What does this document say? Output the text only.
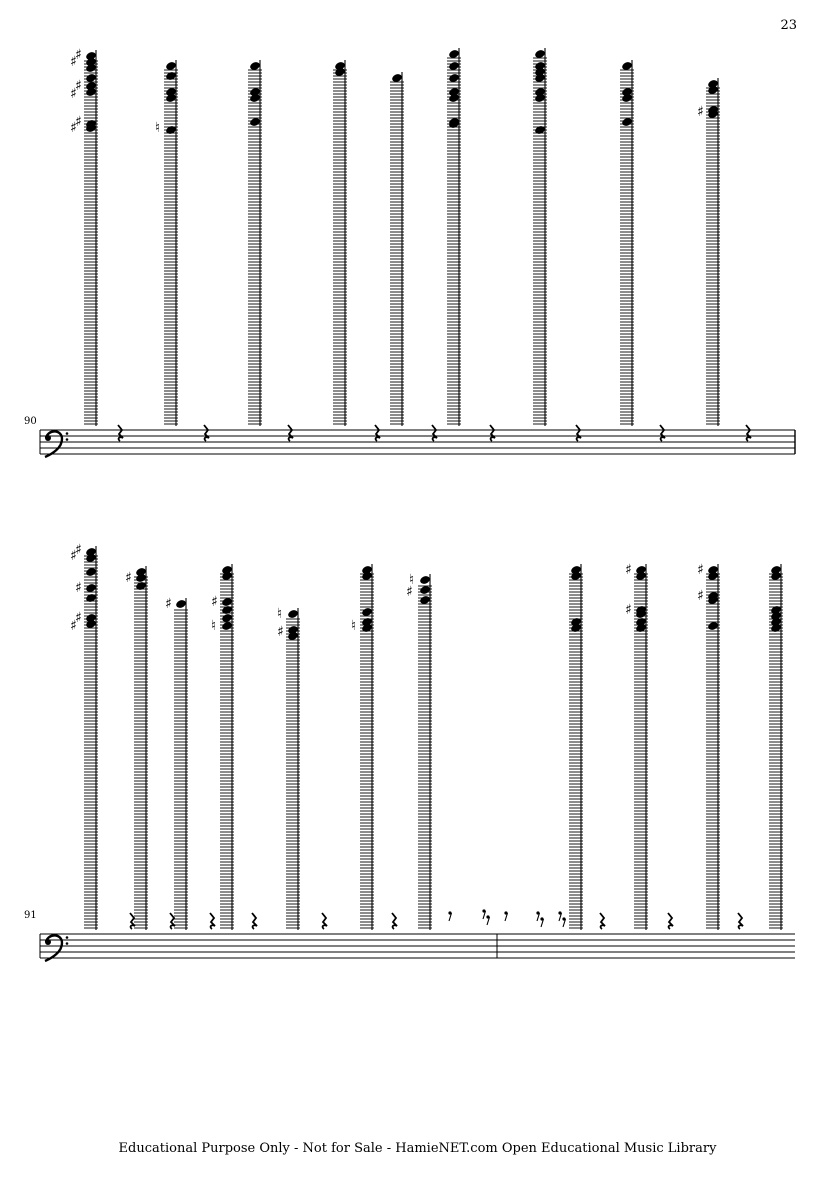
23
90
91
♯
♯
♯
♯
♯
♯	♮
♯
♯
♯
♯
♯
♯
♯
♯	♯
♮
♮
♯	♮
♮
♯
♯
♯
♯
♯
Educational Purpose Only - Not for Sale - HamieNET.com Open Educational Music Library
